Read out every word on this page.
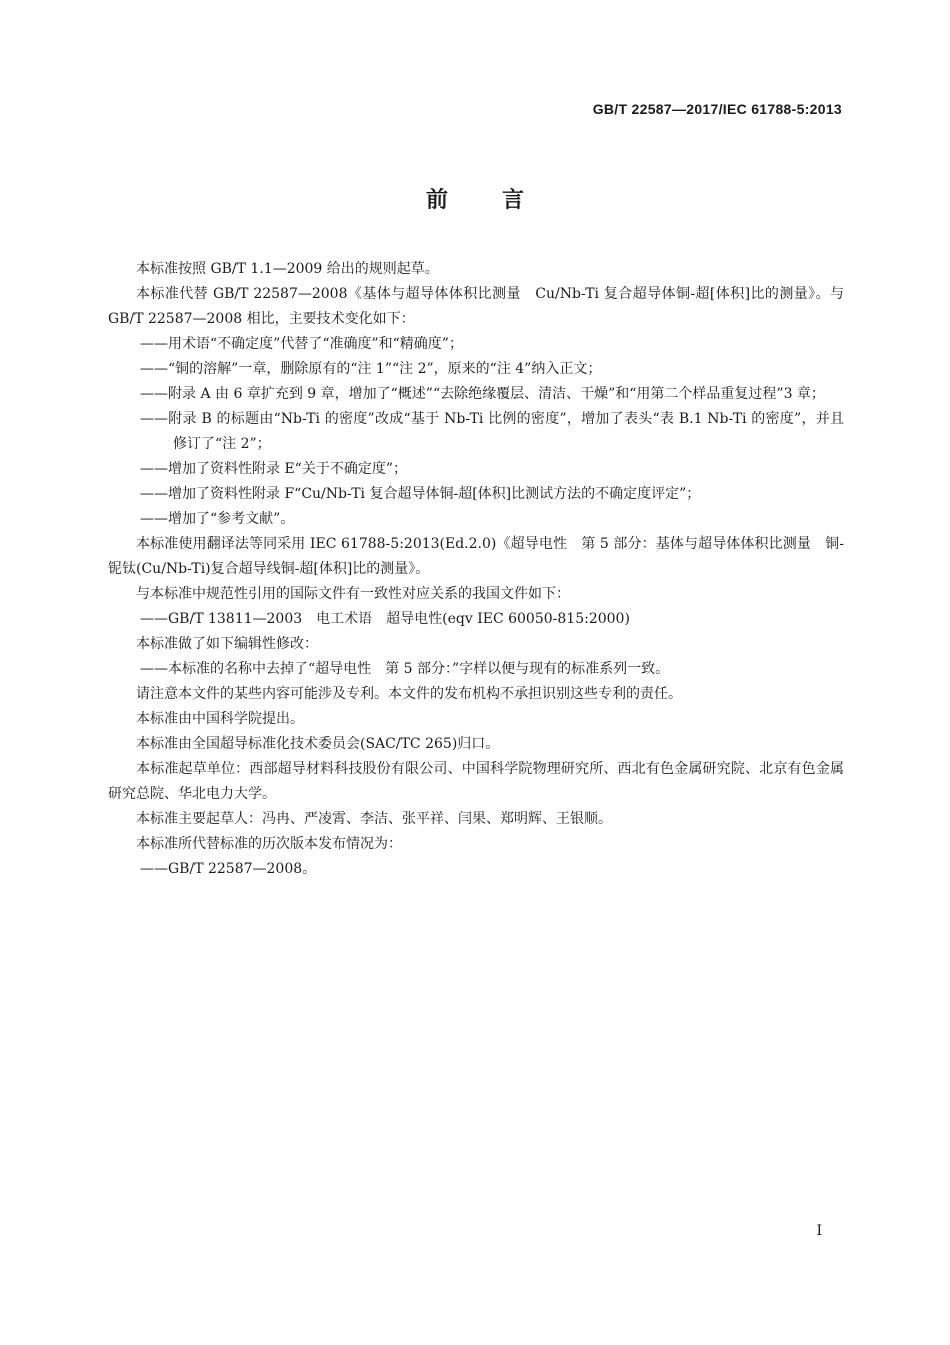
GB/T 22587—2017/IEC 61788-5:2013
前 言

本标准按照 GB/T 1.1—2009 给出的规则起草。

本标准代替 GB/T 22587—2008《基体与超导体体积比测量　Cu/Nb-Ti 复合超导体铜-超[体积]比的测量》。与 GB/T 22587—2008 相比，主要技术变化如下：

——用术语“不确定度”代替了“准确度”和“精确度”；

——“铜的溶解”一章，删除原有的“注 1”“注 2”，原来的“注 4”纳入正文；

——附录 A 由 6 章扩充到 9 章，增加了“概述”“去除绝缘覆层、清洁、干燥”和“用第二个样品重复过程”3 章；

——附录 B 的标题由“Nb-Ti 的密度”改成“基于 Nb-Ti 比例的密度”，增加了表头“表 B.1 Nb-Ti 的密度”，并且修订了“注 2”；

——增加了资料性附录 E“关于不确定度”；

——增加了资料性附录 F“Cu/Nb-Ti 复合超导体铜-超[体积]比测试方法的不确定度评定”；

——增加了“参考文献”。

本标准使用翻译法等同采用 IEC 61788-5:2013(Ed.2.0)《超导电性　第 5 部分：基体与超导体体积比测量　铜-铌钛(Cu/Nb-Ti)复合超导线铜-超[体积]比的测量》。

与本标准中规范性引用的国际文件有一致性对应关系的我国文件如下：

——GB/T 13811—2003　电工术语　超导电性(eqv IEC 60050-815:2000)

本标准做了如下编辑性修改：

——本标准的名称中去掉了“超导电性　第 5 部分：”字样以便与现有的标准系列一致。

请注意本文件的某些内容可能涉及专利。本文件的发布机构不承担识别这些专利的责任。

本标准由中国科学院提出。

本标准由全国超导标准化技术委员会(SAC/TC 265)归口。

本标准起草单位：西部超导材料科技股份有限公司、中国科学院物理研究所、西北有色金属研究院、北京有色金属研究总院、华北电力大学。

本标准主要起草人：冯冉、严凌霄、李洁、张平祥、闫果、郑明辉、王银顺。

本标准所代替标准的历次版本发布情况为：

——GB/T 22587—2008。

I
